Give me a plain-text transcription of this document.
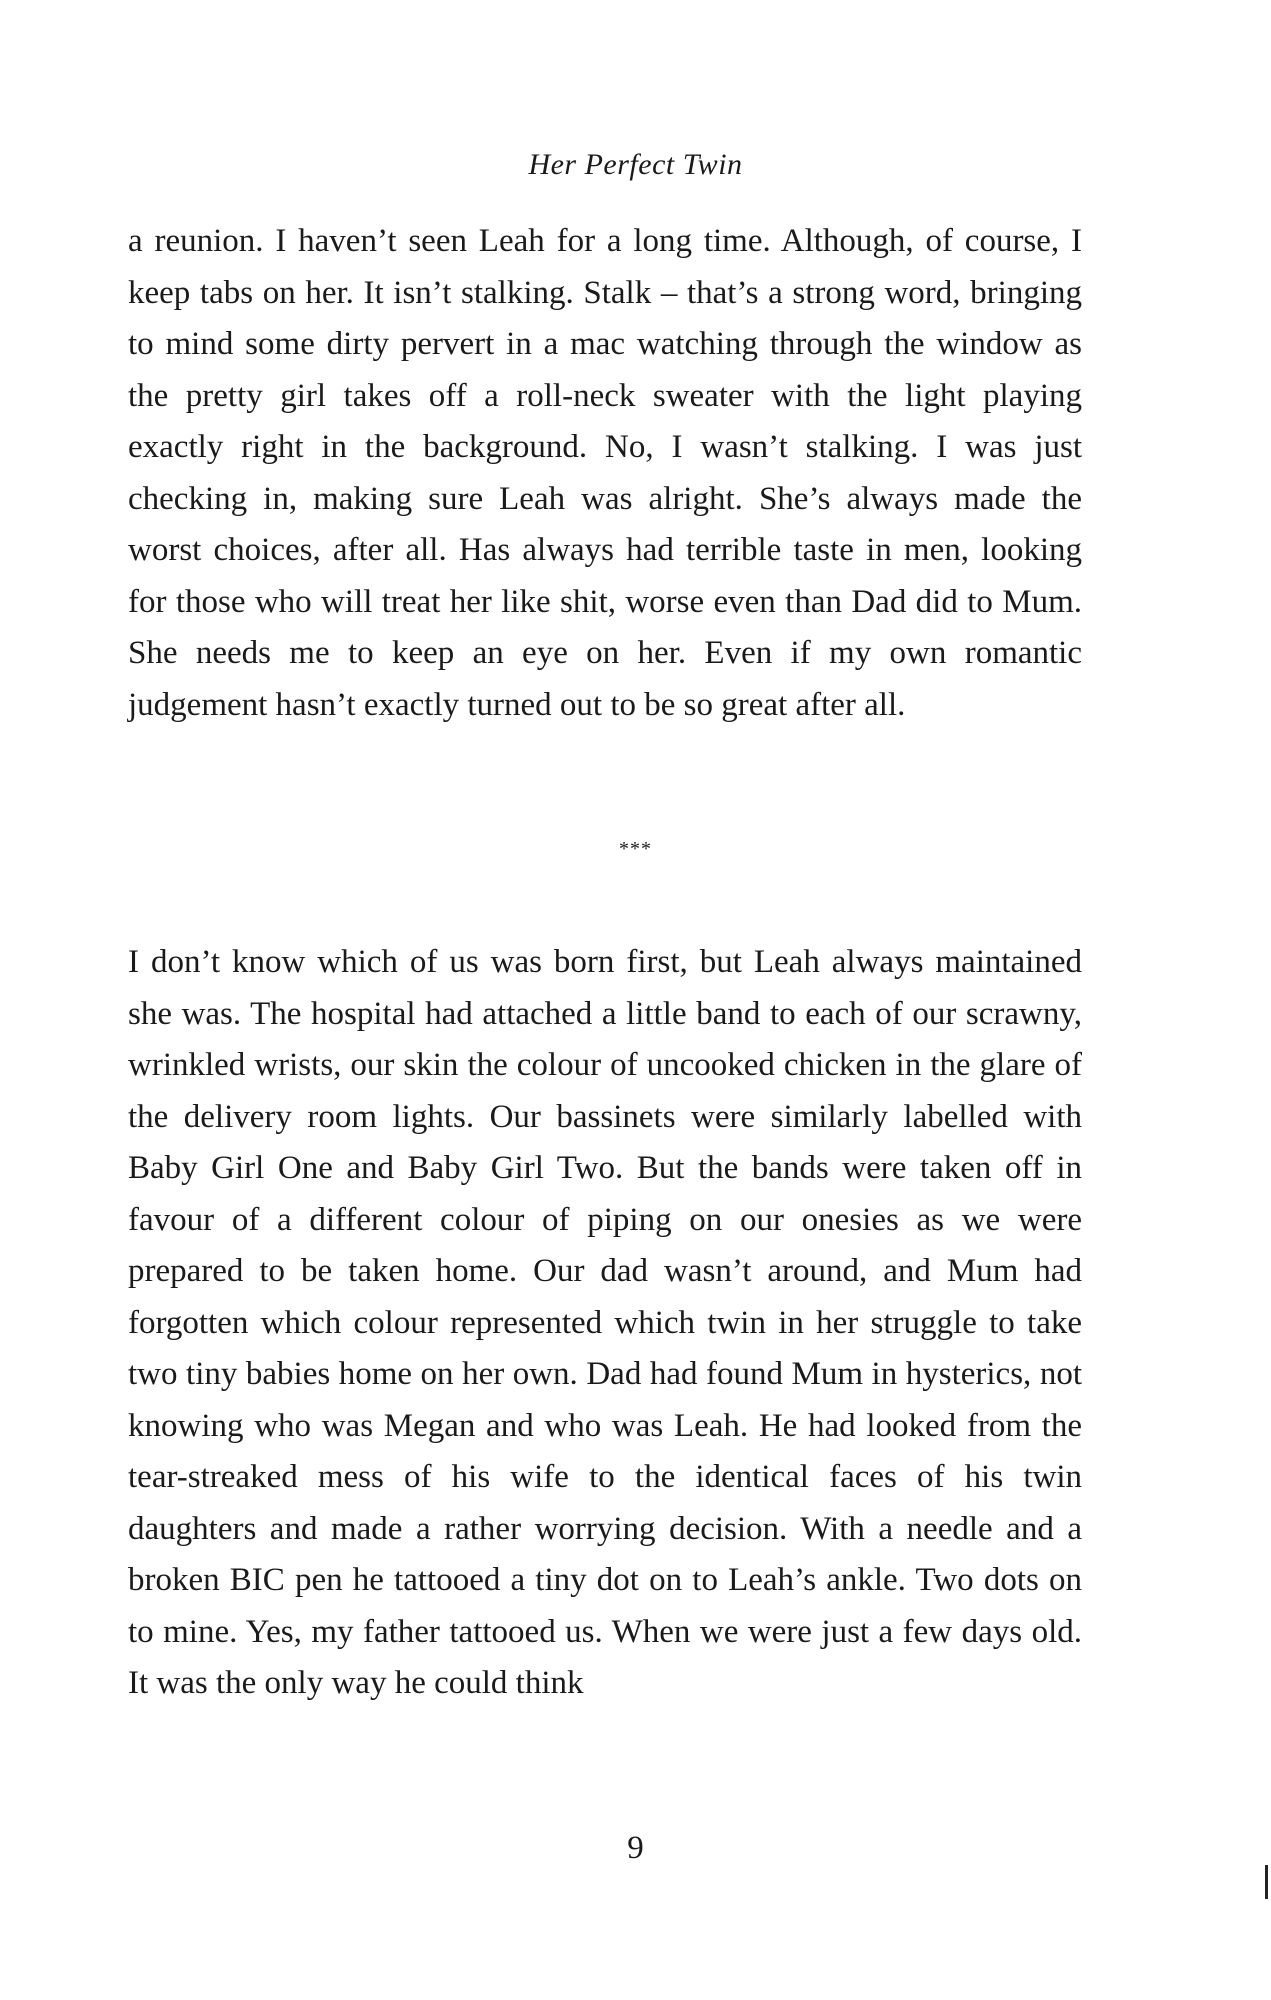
Her Perfect Twin

a reunion. I haven’t seen Leah for a long time. Although, of course, I keep tabs on her. It isn’t stalking. Stalk – that’s a strong word, bringing to mind some dirty pervert in a mac watching through the window as the pretty girl takes off a roll-neck sweater with the light playing exactly right in the background. No, I wasn’t stalking. I was just checking in, making sure Leah was alright. She’s always made the worst choices, after all. Has always had terrible taste in men, looking for those who will treat her like shit, worse even than Dad did to Mum. She needs me to keep an eye on her. Even if my own romantic judgement hasn’t exactly turned out to be so great after all.

***

I don’t know which of us was born first, but Leah always maintained she was. The hospital had attached a little band to each of our scrawny, wrinkled wrists, our skin the colour of uncooked chicken in the glare of the delivery room lights. Our bassinets were similarly labelled with Baby Girl One and Baby Girl Two. But the bands were taken off in favour of a different colour of piping on our onesies as we were prepared to be taken home. Our dad wasn’t around, and Mum had forgotten which colour represented which twin in her struggle to take two tiny babies home on her own. Dad had found Mum in hysterics, not knowing who was Megan and who was Leah. He had looked from the tear-streaked mess of his wife to the identical faces of his twin daughters and made a rather worrying decision. With a needle and a broken BIC pen he tattooed a tiny dot on to Leah’s ankle. Two dots on to mine. Yes, my father tattooed us. When we were just a few days old. It was the only way he could think

9
